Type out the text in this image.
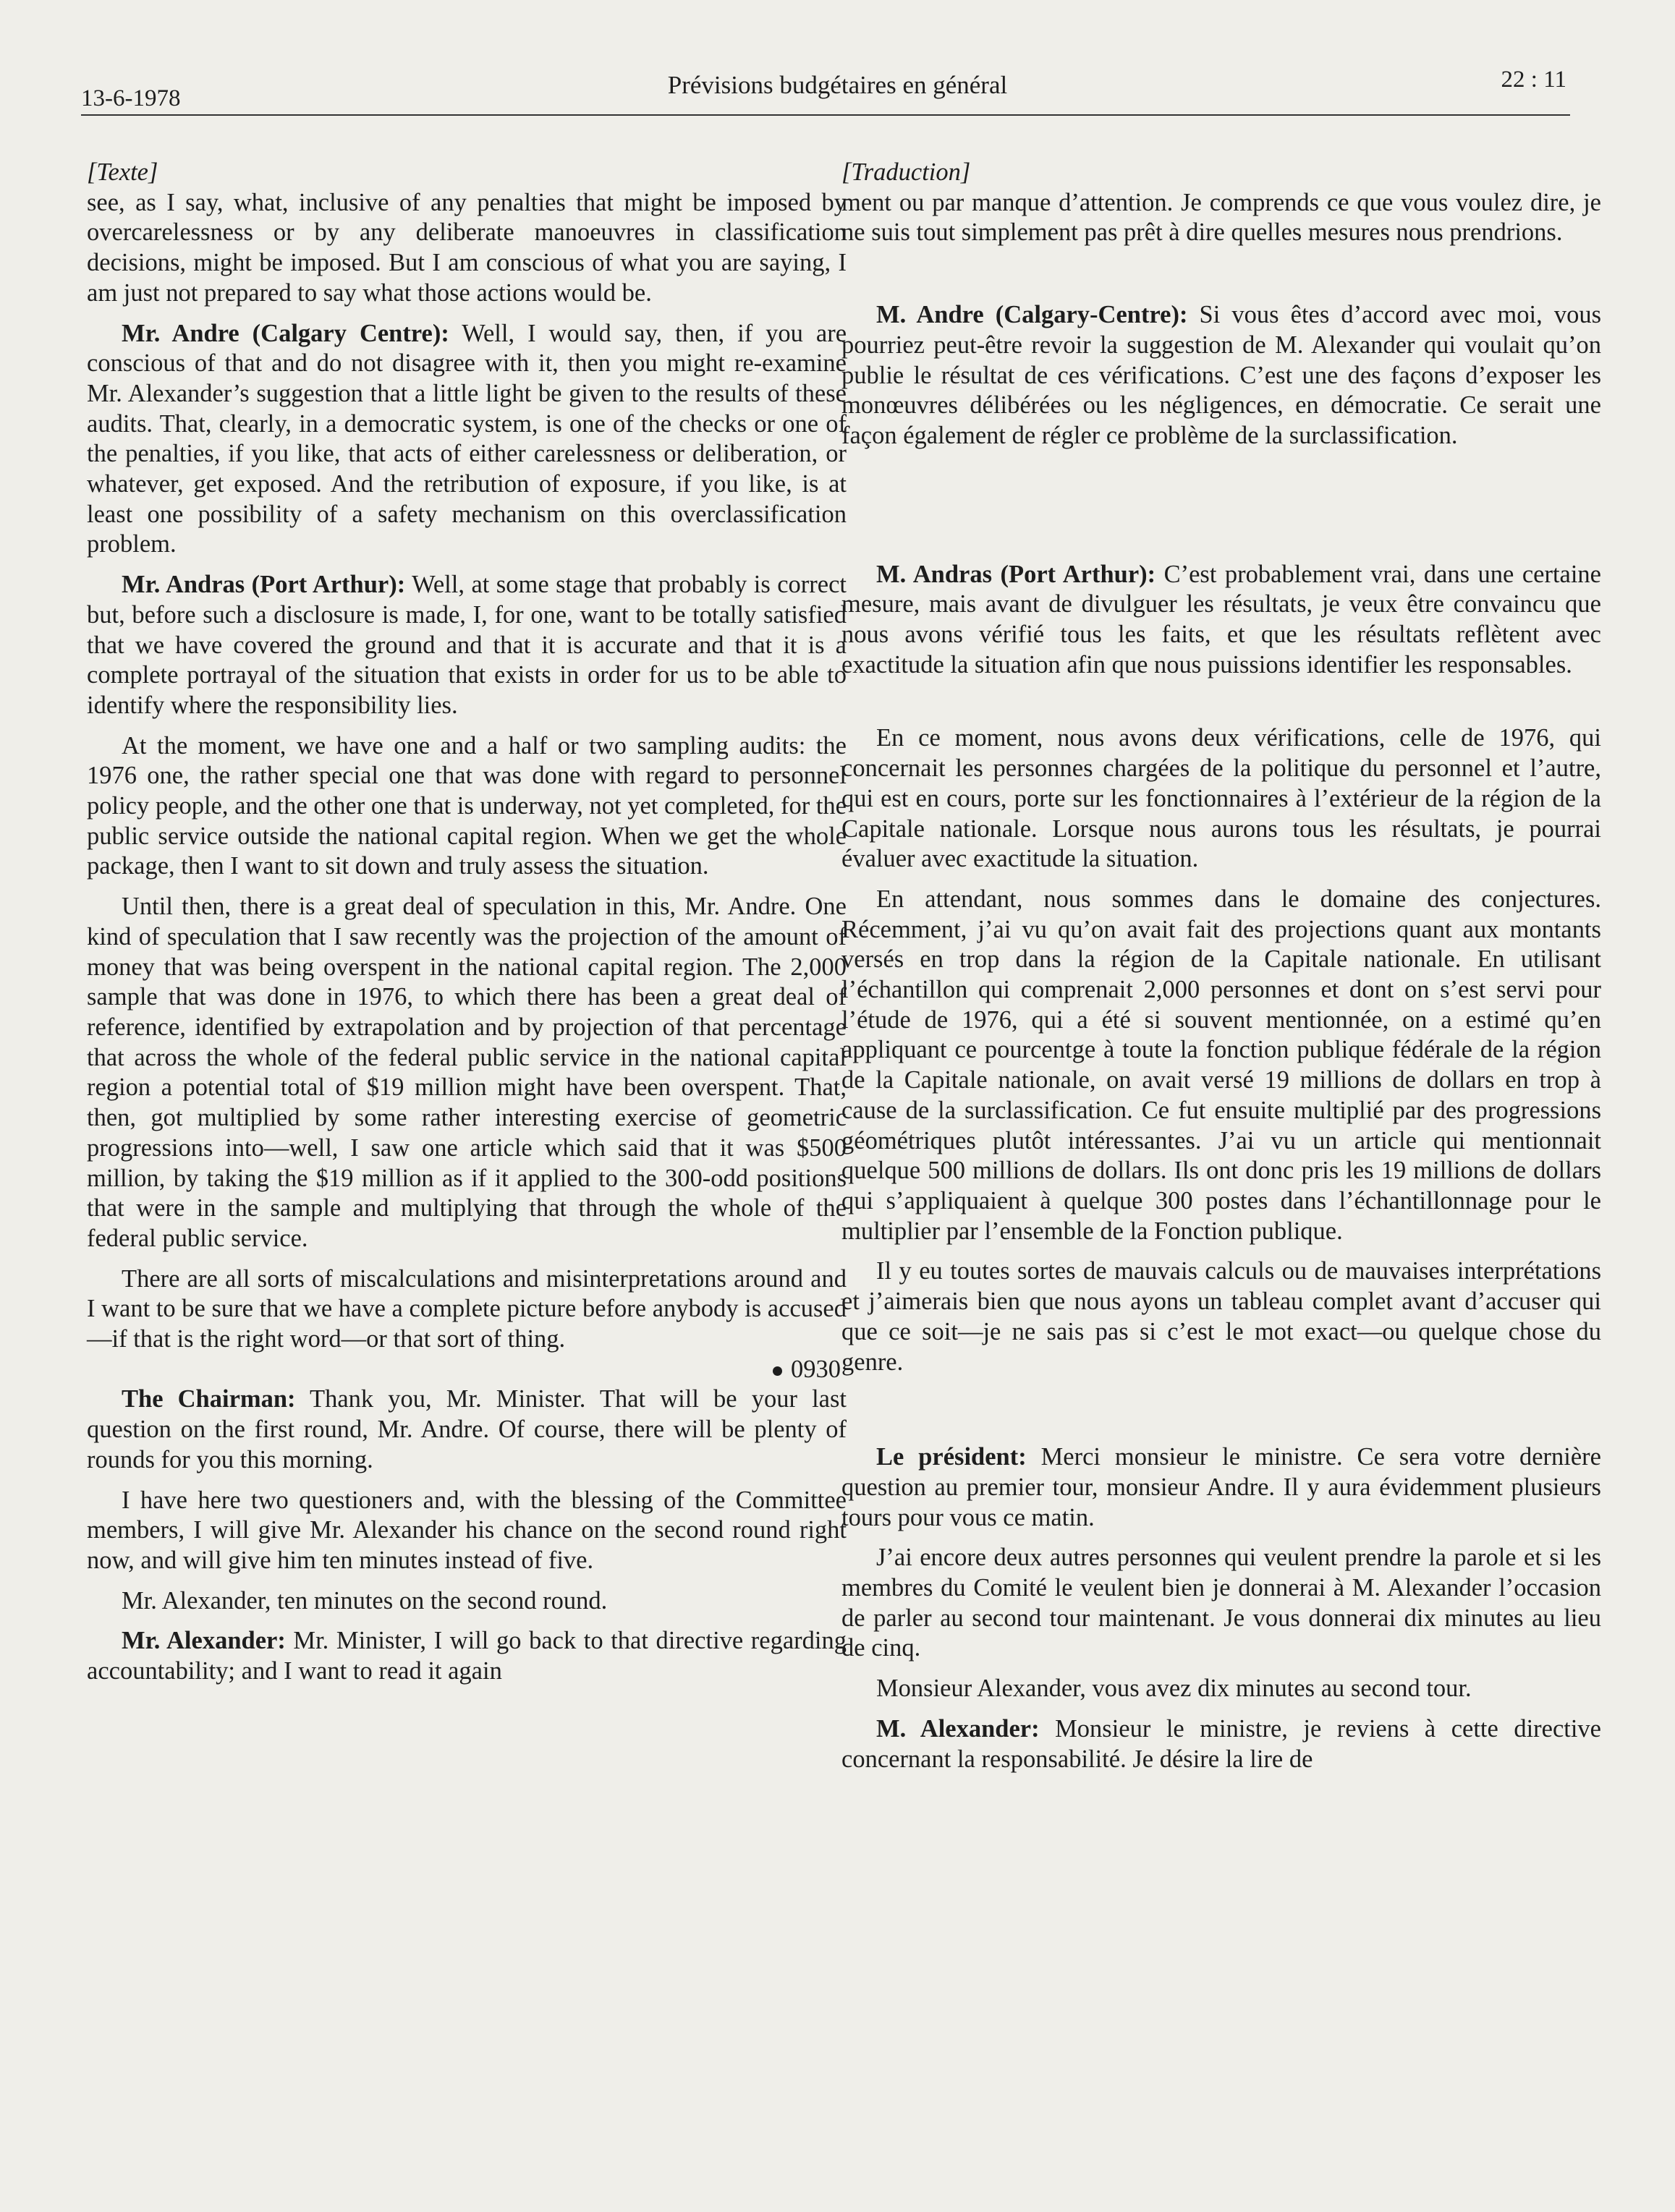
13-6-1978	Prévisions budgétaires en général	22 : 11

[Texte]

see, as I say, what, inclusive of any penalties that might be imposed by overcarelessness or by any deliberate manoeuvres in classification decisions, might be imposed. But I am conscious of what you are saying, I am just not prepared to say what those actions would be.

Mr. Andre (Calgary Centre): Well, I would say, then, if you are conscious of that and do not disagree with it, then you might re-examine Mr. Alexander’s suggestion that a little light be given to the results of these audits. That, clearly, in a democratic system, is one of the checks or one of the penalties, if you like, that acts of either carelessness or deliberation, or whatever, get exposed. And the retribution of exposure, if you like, is at least one possibility of a safety mechanism on this overclassification problem.

Mr. Andras (Port Arthur): Well, at some stage that probably is correct but, before such a disclosure is made, I, for one, want to be totally satisfied that we have covered the ground and that it is accurate and that it is a complete portrayal of the situation that exists in order for us to be able to identify where the responsibility lies.

At the moment, we have one and a half or two sampling audits: the 1976 one, the rather special one that was done with regard to personnel policy people, and the other one that is underway, not yet completed, for the public service outside the national capital region. When we get the whole package, then I want to sit down and truly assess the situation.

Until then, there is a great deal of speculation in this, Mr. Andre. One kind of speculation that I saw recently was the projection of the amount of money that was being overspent in the national capital region. The 2,000 sample that was done in 1976, to which there has been a great deal of reference, identified by extrapolation and by projection of that percentage that across the whole of the federal public service in the national capital region a potential total of $19 million might have been overspent. That, then, got multiplied by some rather interesting exercise of geometric progressions into—well, I saw one article which said that it was $500 million, by taking the $19 million as if it applied to the 300-odd positions that were in the sample and multiplying that through the whole of the federal public service.

There are all sorts of miscalculations and misinterpretations around and I want to be sure that we have a complete picture before anybody is accused—if that is the right word—or that sort of thing.

0930

The Chairman: Thank you, Mr. Minister. That will be your last question on the first round, Mr. Andre. Of course, there will be plenty of rounds for you this morning.

I have here two questioners and, with the blessing of the Committee members, I will give Mr. Alexander his chance on the second round right now, and will give him ten minutes instead of five.

Mr. Alexander, ten minutes on the second round.

Mr. Alexander: Mr. Minister, I will go back to that directive regarding accountability; and I want to read it again

[Traduction]

ment ou par manque d’attention. Je comprends ce que vous voulez dire, je ne suis tout simplement pas prêt à dire quelles mesures nous prendrions.

M. Andre (Calgary-Centre): Si vous êtes d’accord avec moi, vous pourriez peut-être revoir la suggestion de M. Alexander qui voulait qu’on publie le résultat de ces vérifications. C’est une des façons d’exposer les monœuvres délibérées ou les négligences, en démocratie. Ce serait une façon également de régler ce problème de la surclassification.

M. Andras (Port Arthur): C’est probablement vrai, dans une certaine mesure, mais avant de divulguer les résultats, je veux être convaincu que nous avons vérifié tous les faits, et que les résultats reflètent avec exactitude la situation afin que nous puissions identifier les responsables.

En ce moment, nous avons deux vérifications, celle de 1976, qui concernait les personnes chargées de la politique du personnel et l’autre, qui est en cours, porte sur les fonctionnaires à l’extérieur de la région de la Capitale nationale. Lorsque nous aurons tous les résultats, je pourrai évaluer avec exactitude la situation.

En attendant, nous sommes dans le domaine des conjectures. Récemment, j’ai vu qu’on avait fait des projections quant aux montants versés en trop dans la région de la Capitale nationale. En utilisant l’échantillon qui comprenait 2,000 personnes et dont on s’est servi pour l’étude de 1976, qui a été si souvent mentionnée, on a estimé qu’en appliquant ce pourcentge à toute la fonction publique fédérale de la région de la Capitale nationale, on avait versé 19 millions de dollars en trop à cause de la surclassification. Ce fut ensuite multiplié par des progressions géométriques plutôt intéressantes. J’ai vu un article qui mentionnait quelque 500 millions de dollars. Ils ont donc pris les 19 millions de dollars qui s’appliquaient à quelque 300 postes dans l’échantillonnage pour le multiplier par l’ensemble de la Fonction publique.

Il y eu toutes sortes de mauvais calculs ou de mauvaises interprétations et j’aimerais bien que nous ayons un tableau complet avant d’accuser qui que ce soit—je ne sais pas si c’est le mot exact—ou quelque chose du genre.

Le président: Merci monsieur le ministre. Ce sera votre dernière question au premier tour, monsieur Andre. Il y aura évidemment plusieurs tours pour vous ce matin.

J’ai encore deux autres personnes qui veulent prendre la parole et si les membres du Comité le veulent bien je donnerai à M. Alexander l’occasion de parler au second tour maintenant. Je vous donnerai dix minutes au lieu de cinq.

Monsieur Alexander, vous avez dix minutes au second tour.

M. Alexander: Monsieur le ministre, je reviens à cette directive concernant la responsabilité. Je désire la lire de
